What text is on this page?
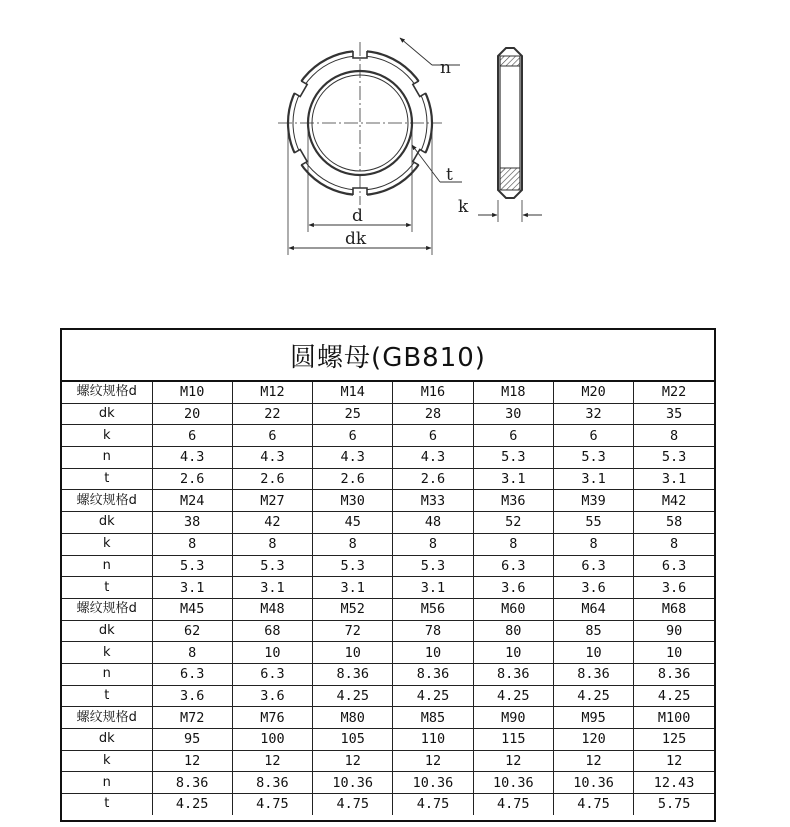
n
t
d
dk
k
圆螺母(GB810)
螺纹规格d	M10	M12	M14	M16	M18	M20	M22
dk	20	22	25	28	30	32	35
k	6	6	6	6	6	6	8
n	4.3	4.3	4.3	4.3	5.3	5.3	5.3
t	2.6	2.6	2.6	2.6	3.1	3.1	3.1
螺纹规格d	M24	M27	M30	M33	M36	M39	M42
dk	38	42	45	48	52	55	58
k	8	8	8	8	8	8	8
n	5.3	5.3	5.3	5.3	6.3	6.3	6.3
t	3.1	3.1	3.1	3.1	3.6	3.6	3.6
螺纹规格d	M45	M48	M52	M56	M60	M64	M68
dk	62	68	72	78	80	85	90
k	8	10	10	10	10	10	10
n	6.3	6.3	8.36	8.36	8.36	8.36	8.36
t	3.6	3.6	4.25	4.25	4.25	4.25	4.25
螺纹规格d	M72	M76	M80	M85	M90	M95	M100
dk	95	100	105	110	115	120	125
k	12	12	12	12	12	12	12
n	8.36	8.36	10.36	10.36	10.36	10.36	12.43
t	4.25	4.75	4.75	4.75	4.75	4.75	5.75
